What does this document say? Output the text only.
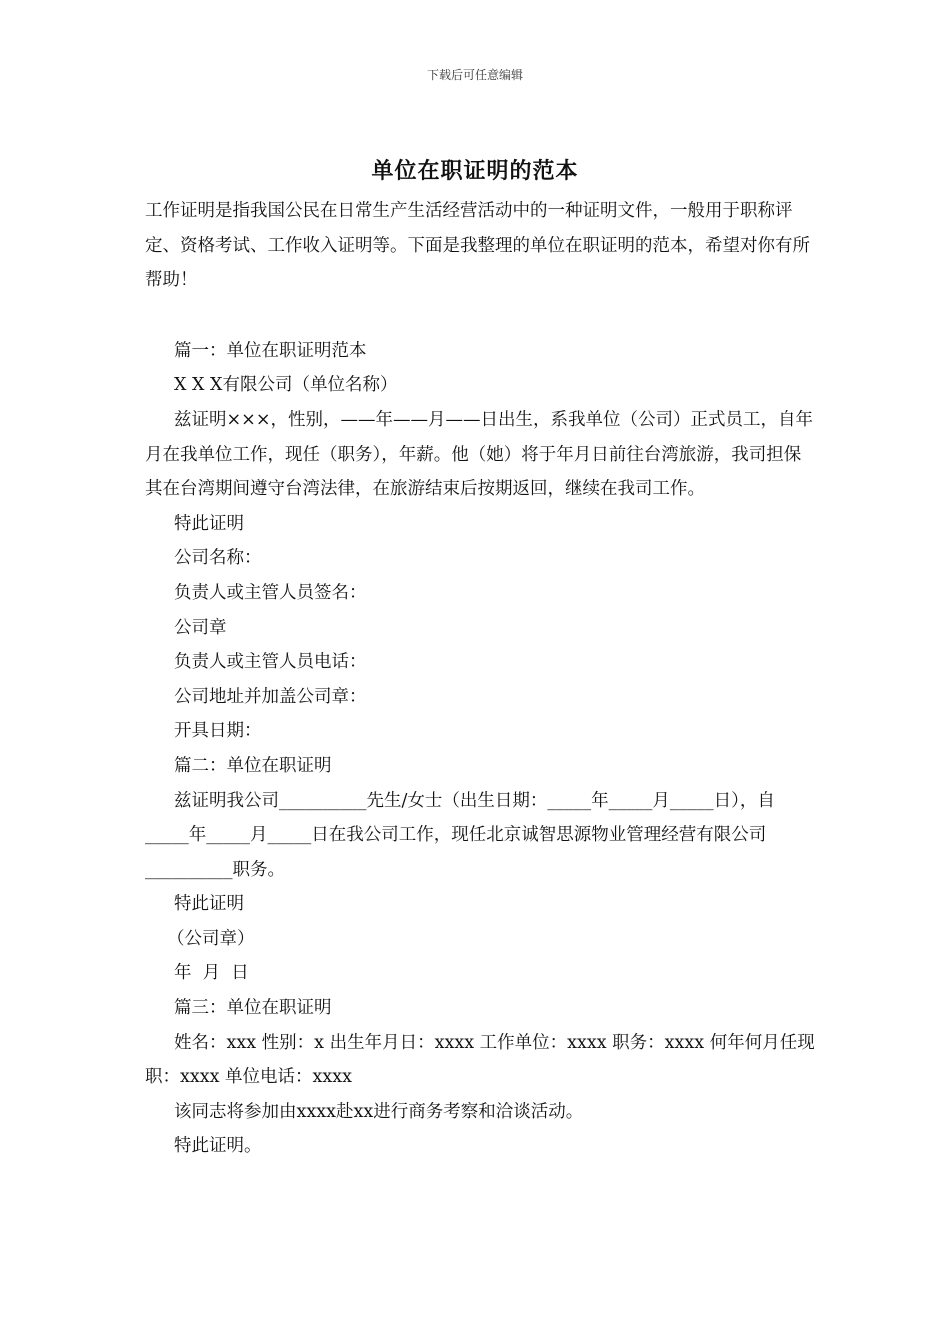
下载后可任意编辑
单位在职证明的范本

工作证明是指我国公民在日常生产生活经营活动中的一种证明文件，一般用于职称评定、资格考试、工作收入证明等。下面是我整理的单位在职证明的范本，希望对你有所帮助！

篇一：单位在职证明范本

X X X有限公司（单位名称）

兹证明×××，性别，——年——月——日出生，系我单位（公司）正式员工，自年月在我单位工作，现任（职务），年薪。他（她）将于年月日前往台湾旅游，我司担保其在台湾期间遵守台湾法律，在旅游结束后按期返回，继续在我司工作。

特此证明

公司名称：

负责人或主管人员签名：

公司章

负责人或主管人员电话：

公司地址并加盖公司章：

开具日期：

篇二：单位在职证明

兹证明我公司__________先生/女士（出生日期：_____年_____月_____日），自_____年_____月_____日在我公司工作，现任北京诚智思源物业管理经营有限公司__________职务。

特此证明

（公司章）

年  月  日

篇三：单位在职证明

姓名：xxx 性别：x 出生年月日：xxxx 工作单位：xxxx 职务：xxxx 何年何月任现职：xxxx 单位电话：xxxx

该同志将参加由xxxx赴xx进行商务考察和洽谈活动。

特此证明。
